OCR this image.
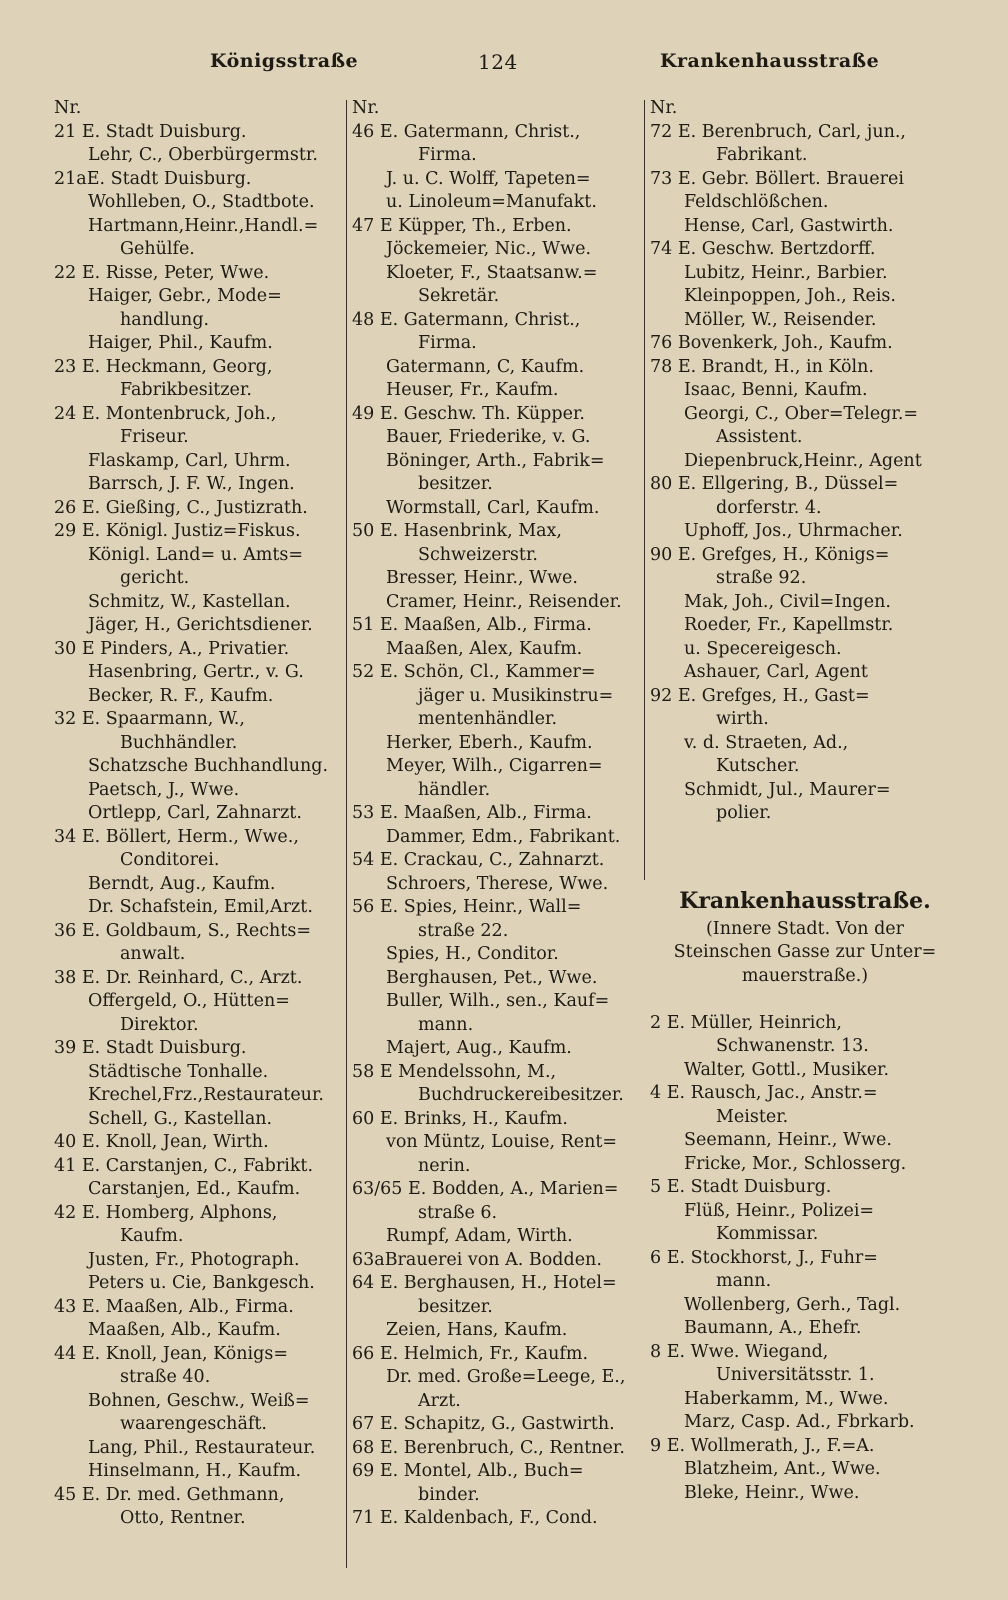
Königsstraße	124	Krankenhausstraße
Nr.
21 E. Stadt Duisburg.
Lehr, C., Oberbürgermstr.
21aE. Stadt Duisburg.
Wohlleben, O., Stadtbote.
Hartmann,Heinr.,Handl.=
Gehülfe.
22 E. Risse, Peter, Wwe.
Haiger, Gebr., Mode=
handlung.
Haiger, Phil., Kaufm.
23 E. Heckmann, Georg,
Fabrikbesitzer.
24 E. Montenbruck, Joh.,
Friseur.
Flaskamp, Carl, Uhrm.
Barrsch, J. F. W., Ingen.
26 E. Gießing, C., Justizrath.
29 E. Königl. Justiz=Fiskus.
Königl. Land= u. Amts=
gericht.
Schmitz, W., Kastellan.
Jäger, H., Gerichtsdiener.
30 E Pinders, A., Privatier.
Hasenbring, Gertr., v. G.
Becker, R. F., Kaufm.
32 E. Spaarmann, W.,
Buchhändler.
Schatzsche Buchhandlung.
Paetsch, J., Wwe.
Ortlepp, Carl, Zahnarzt.
34 E. Böllert, Herm., Wwe.,
Conditorei.
Berndt, Aug., Kaufm.
Dr. Schafstein, Emil,Arzt.
36 E. Goldbaum, S., Rechts=
anwalt.
38 E. Dr. Reinhard, C., Arzt.
Offergeld, O., Hütten=
Direktor.
39 E. Stadt Duisburg.
Städtische Tonhalle.
Krechel,Frz.,Restaurateur.
Schell, G., Kastellan.
40 E. Knoll, Jean, Wirth.
41 E. Carstanjen, C., Fabrikt.
Carstanjen, Ed., Kaufm.
42 E. Homberg, Alphons,
Kaufm.
Justen, Fr., Photograph.
Peters u. Cie, Bankgesch.
43 E. Maaßen, Alb., Firma.
Maaßen, Alb., Kaufm.
44 E. Knoll, Jean, Königs=
straße 40.
Bohnen, Geschw., Weiß=
waarengeschäft.
Lang, Phil., Restaurateur.
Hinselmann, H., Kaufm.
45 E. Dr. med. Gethmann,
Otto, Rentner.
Nr.
46 E. Gatermann, Christ.,
Firma.
J. u. C. Wolff, Tapeten=
u. Linoleum=Manufakt.
47 E Küpper, Th., Erben.
Jöckemeier, Nic., Wwe.
Kloeter, F., Staatsanw.=
Sekretär.
48 E. Gatermann, Christ.,
Firma.
Gatermann, C, Kaufm.
Heuser, Fr., Kaufm.
49 E. Geschw. Th. Küpper.
Bauer, Friederike, v. G.
Böninger, Arth., Fabrik=
besitzer.
Wormstall, Carl, Kaufm.
50 E. Hasenbrink, Max,
Schweizerstr.
Bresser, Heinr., Wwe.
Cramer, Heinr., Reisender.
51 E. Maaßen, Alb., Firma.
Maaßen, Alex, Kaufm.
52 E. Schön, Cl., Kammer=
jäger u. Musikinstru=
mentenhändler.
Herker, Eberh., Kaufm.
Meyer, Wilh., Cigarren=
händler.
53 E. Maaßen, Alb., Firma.
Dammer, Edm., Fabrikant.
54 E. Crackau, C., Zahnarzt.
Schroers, Therese, Wwe.
56 E. Spies, Heinr., Wall=
straße 22.
Spies, H., Conditor.
Berghausen, Pet., Wwe.
Buller, Wilh., sen., Kauf=
mann.
Majert, Aug., Kaufm.
58 E Mendelssohn, M.,
Buchdruckereibesitzer.
60 E. Brinks, H., Kaufm.
von Müntz, Louise, Rent=
nerin.
63/65 E. Bodden, A., Marien=
straße 6.
Rumpf, Adam, Wirth.
63aBrauerei von A. Bodden.
64 E. Berghausen, H., Hotel=
besitzer.
Zeien, Hans, Kaufm.
66 E. Helmich, Fr., Kaufm.
Dr. med. Große=Leege, E.,
Arzt.
67 E. Schapitz, G., Gastwirth.
68 E. Berenbruch, C., Rentner.
69 E. Montel, Alb., Buch=
binder.
71 E. Kaldenbach, F., Cond.
Nr.
72 E. Berenbruch, Carl, jun.,
Fabrikant.
73 E. Gebr. Böllert. Brauerei
Feldschlößchen.
Hense, Carl, Gastwirth.
74 E. Geschw. Bertzdorff.
Lubitz, Heinr., Barbier.
Kleinpoppen, Joh., Reis.
Möller, W., Reisender.
76 Bovenkerk, Joh., Kaufm.
78 E. Brandt, H., in Köln.
Isaac, Benni, Kaufm.
Georgi, C., Ober=Telegr.=
Assistent.
Diepenbruck,Heinr., Agent
80 E. Ellgering, B., Düssel=
dorferstr. 4.
Uphoff, Jos., Uhrmacher.
90 E. Grefges, H., Königs=
straße 92.
Mak, Joh., Civil=Ingen.
Roeder, Fr., Kapellmstr.
u. Specereigesch.
Ashauer, Carl, Agent
92 E. Grefges, H., Gast=
wirth.
v. d. Straeten, Ad.,
Kutscher.
Schmidt, Jul., Maurer=
polier.
Krankenhausstraße.
(Innere Stadt. Von der
Steinschen Gasse zur Unter=
mauerstraße.)
2 E. Müller, Heinrich,
Schwanenstr. 13.
Walter, Gottl., Musiker.
4 E. Rausch, Jac., Anstr.=
Meister.
Seemann, Heinr., Wwe.
Fricke, Mor., Schlosserg.
5 E. Stadt Duisburg.
Flüß, Heinr., Polizei=
Kommissar.
6 E. Stockhorst, J., Fuhr=
mann.
Wollenberg, Gerh., Tagl.
Baumann, A., Ehefr.
8 E. Wwe. Wiegand,
Universitätsstr. 1.
Haberkamm, M., Wwe.
Marz, Casp. Ad., Fbrkarb.
9 E. Wollmerath, J., F.=A.
Blatzheim, Ant., Wwe.
Bleke, Heinr., Wwe.
